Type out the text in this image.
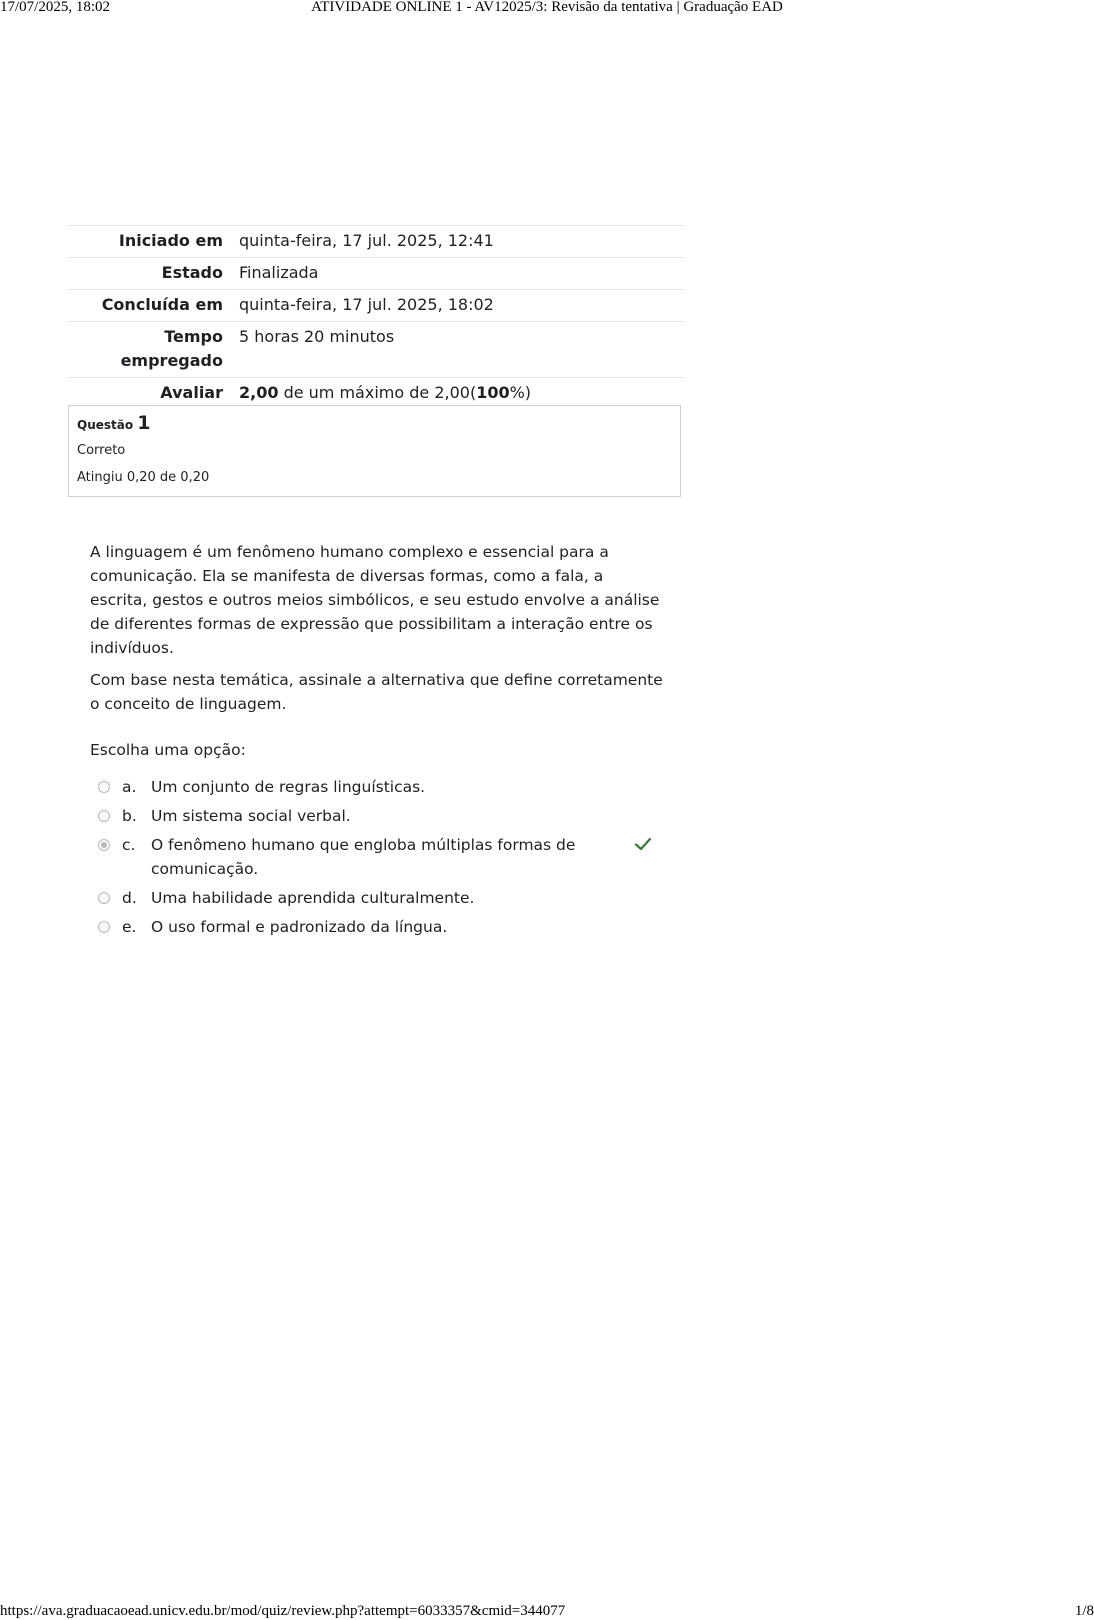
17/07/2025, 18:02	ATIVIDADE ONLINE 1 - AV12025/3: Revisão da tentativa | Graduação EAD
Iniciado em	quinta-feira, 17 jul. 2025, 12:41
Estado	Finalizada
Concluída em	quinta-feira, 17 jul. 2025, 18:02
Tempo
empregado	5 horas 20 minutos
Avaliar	2,00 de um máximo de 2,00(100%)
Questão 1
Correto
Atingiu 0,20 de 0,20

A linguagem é um fenômeno humano complexo e essencial para a comunicação. Ela se manifesta de diversas formas, como a fala, a escrita, gestos e outros meios simbólicos, e seu estudo envolve a análise de diferentes formas de expressão que possibilitam a interação entre os indivíduos.

Com base nesta temática, assinale a alternativa que define corretamente o conceito de linguagem.

Escolha uma opção:
a. Um conjunto de regras linguísticas.
b. Um sistema social verbal.
c. O fenômeno humano que engloba múltiplas formas de comunicação.
d. Uma habilidade aprendida culturalmente.
e. O uso formal e padronizado da língua.
https://ava.graduacaoead.unicv.edu.br/mod/quiz/review.php?attempt=6033357&cmid=344077	1/8
